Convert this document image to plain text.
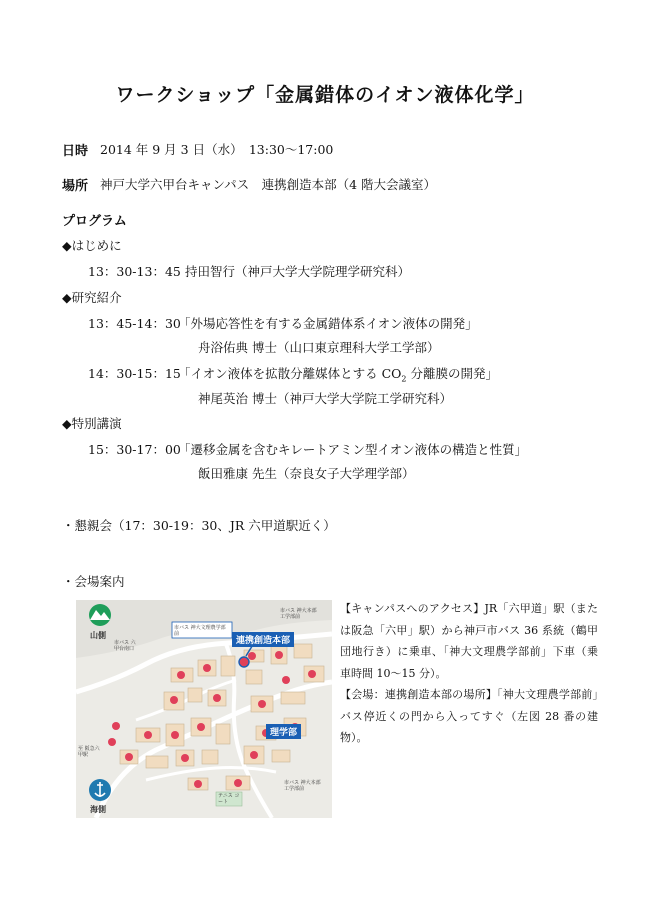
ワークショップ「金属錯体のイオン液体化学」
日時 2014 年 9 月 3 日（水）　13:30～17:00
場所 神戸大学六甲台キャンパス　連携創造本部（4 階大会議室）
プログラム
◆はじめに
13：30-13：45 持田智行（神戸大学大学院理学研究科）
◆研究紹介
13：45-14：30
「外場応答性を有する金属錯体系イオン液体の開発」
舟浴佑典 博士（山口東京理科大学工学部）
14：30-15：15
「イオン液体を拡散分離媒体とする $CO_2$ 分離膜の開発」
神尾英治 博士（神戸大学大学院工学研究科）
◆特別講演
15：30-17：00
「遷移金属を含むキレートアミン型イオン液体の構造と性質」
飯田雅康 先生（奈良女子大学理学部）
・懇親会（17：30-19：30、JR 六甲道駅近く）
・会場案内
山側
海側
市バス 六甲台南口
市バス 神大文理農学部前
市バス 神大本部工学部前
市バス 神大本部工学部前
至 阪急六甲駅
テニス コート
連携創造本部
理学部

【キャンパスへのアクセス】JR「六甲道」駅（または阪急「六甲」駅）から神戸市バス 36 系統（鶴甲団地行き）に乗車、「神大文理農学部前」下車（乗車時間 10～15 分）。

【会場：連携創造本部の場所】「神大文理農学部前」バス停近くの門から入ってすぐ（左図 28 番の建物）。
